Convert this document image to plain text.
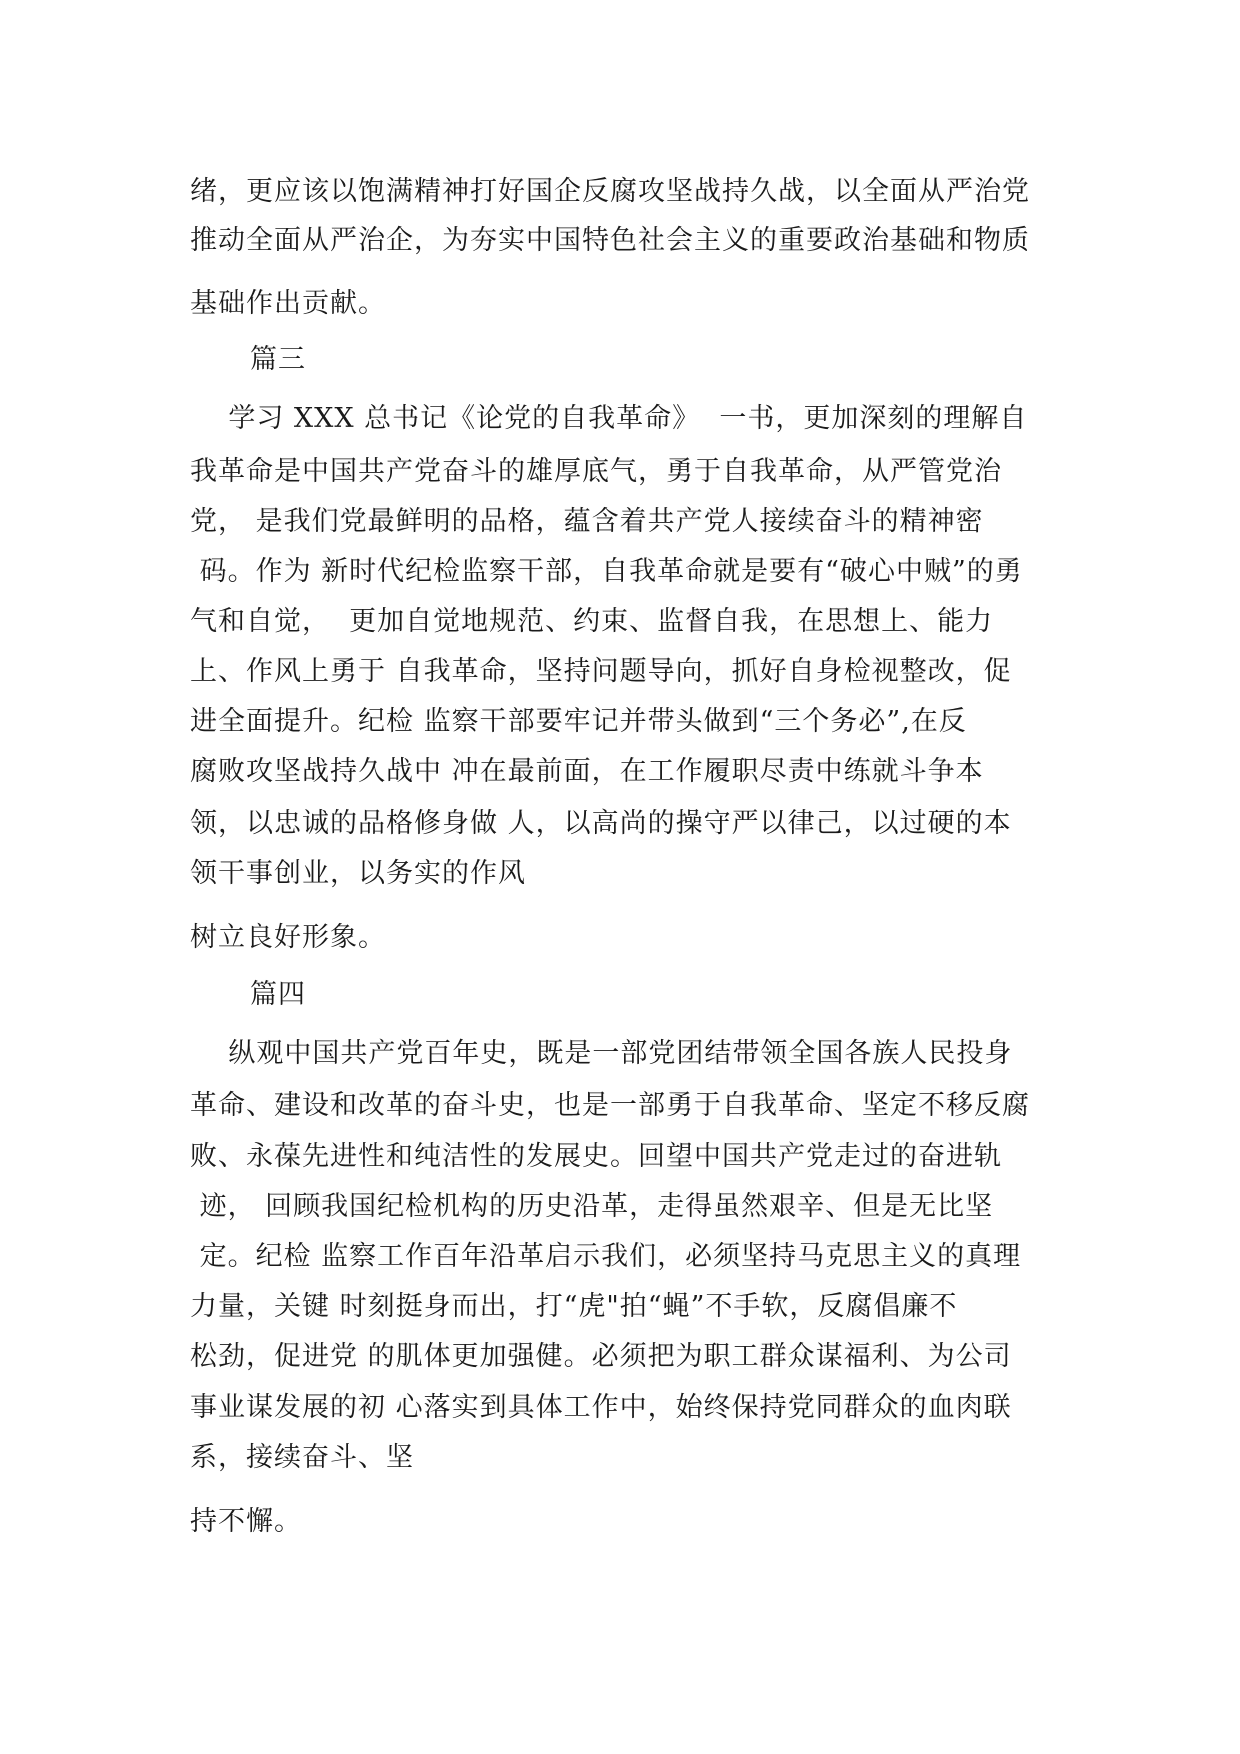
绪，更应该以饱满精神打好国企反腐攻坚战持久战，以全面从严治党
推动全面从严治企，为夯实中国特色社会主义的重要政治基础和物质
基础作出贡献。
篇三
学习 XXX 总书记《论党的自我革命》  一书，更加深刻的理解自
我革命是中国共产党奋斗的雄厚底气，勇于自我革命，从严管党治
党， 是我们党最鲜明的品格，蕴含着共产党人接续奋斗的精神密
码。作为 新时代纪检监察干部，自我革命就是要有“破心中贼”的勇
气和自觉，  更加自觉地规范、约束、监督自我，在思想上、能力
上、作风上勇于 自我革命，坚持问题导向，抓好自身检视整改，促
进全面提升。纪检 监察干部要牢记并带头做到“三个务必”,在反
腐败攻坚战持久战中 冲在最前面，在工作履职尽责中练就斗争本
领，以忠诚的品格修身做 人，以高尚的操守严以律己，以过硬的本
领干事创业，以务实的作风
树立良好形象。
篇四
纵观中国共产党百年史，既是一部党团结带领全国各族人民投身
革命、建设和改革的奋斗史，也是一部勇于自我革命、坚定不移反腐
败、永葆先进性和纯洁性的发展史。回望中国共产党走过的奋进轨
迹， 回顾我国纪检机构的历史沿革，走得虽然艰辛、但是无比坚
定。纪检 监察工作百年沿革启示我们，必须坚持马克思主义的真理
力量，关键 时刻挺身而出，打“虎"拍“蝇”不手软，反腐倡廉不
松劲，促进党 的肌体更加强健。必须把为职工群众谋福利、为公司
事业谋发展的初 心落实到具体工作中，始终保持党同群众的血肉联
系，接续奋斗、坚
持不懈。
